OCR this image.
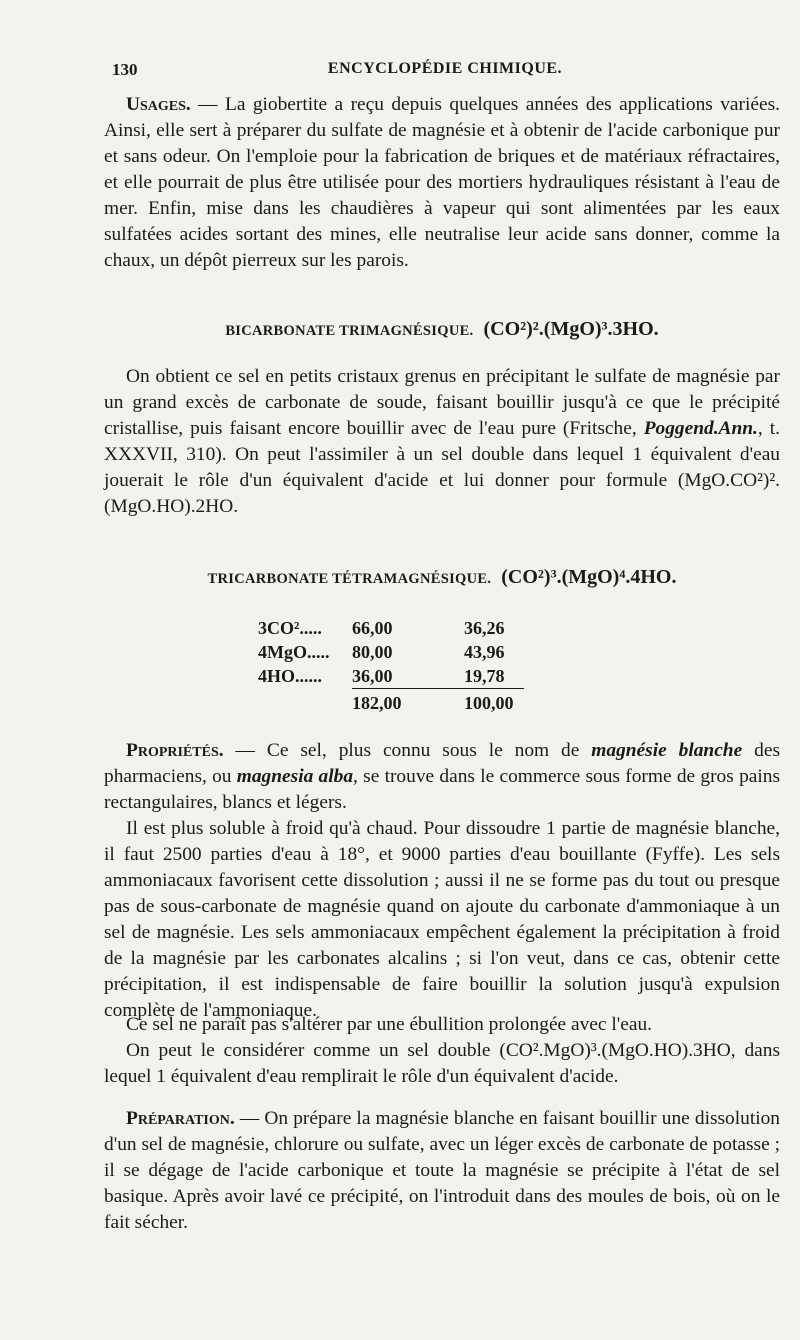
130	ENCYCLOPÉDIE CHIMIQUE.

Usages. — La giobertite a reçu depuis quelques années des applications variées. Ainsi, elle sert à préparer du sulfate de magnésie et à obtenir de l'acide carbonique pur et sans odeur. On l'emploie pour la fabrication de briques et de matériaux réfractaires, et elle pourrait de plus être utilisée pour des mortiers hydrauliques résistant à l'eau de mer. Enfin, mise dans les chaudières à vapeur qui sont alimentées par les eaux sulfatées acides sortant des mines, elle neutralise leur acide sans donner, comme la chaux, un dépôt pierreux sur les parois.

BICARBONATE TRIMAGNÉSIQUE. (CO²)².(MgO)³.3HO.

On obtient ce sel en petits cristaux grenus en précipitant le sulfate de magnésie par un grand excès de carbonate de soude, faisant bouillir jusqu'à ce que le précipité cristallise, puis faisant encore bouillir avec de l'eau pure (Fritsche, Poggend.Ann., t. XXXVII, 310). On peut l'assimiler à un sel double dans lequel 1 équivalent d'eau jouerait le rôle d'un équivalent d'acide et lui donner pour formule (MgO.CO²)².(MgO.HO).2HO.

TRICARBONATE TÉTRAMAGNÉSIQUE. (CO²)³.(MgO)⁴.4HO.
3CO².....	66,00	36,26
4MgO.....	80,00	43,96
4HO......	36,00	19,78
	182,00	100,00

Propriétés. — Ce sel, plus connu sous le nom de magnésie blanche des pharmaciens, ou magnesia alba, se trouve dans le commerce sous forme de gros pains rectangulaires, blancs et légers.

Il est plus soluble à froid qu'à chaud. Pour dissoudre 1 partie de magnésie blanche, il faut 2500 parties d'eau à 18°, et 9000 parties d'eau bouillante (Fyffe). Les sels ammoniacaux favorisent cette dissolution ; aussi il ne se forme pas du tout ou presque pas de sous-carbonate de magnésie quand on ajoute du carbonate d'ammoniaque à un sel de magnésie. Les sels ammoniacaux empêchent également la précipitation à froid de la magnésie par les carbonates alcalins ; si l'on veut, dans ce cas, obtenir cette précipitation, il est indispensable de faire bouillir la solution jusqu'à expulsion complète de l'ammoniaque.

Ce sel ne paraît pas s'altérer par une ébullition prolongée avec l'eau.

On peut le considérer comme un sel double (CO².MgO)³.(MgO.HO).3HO, dans lequel 1 équivalent d'eau remplirait le rôle d'un équivalent d'acide.

Préparation. — On prépare la magnésie blanche en faisant bouillir une dissolution d'un sel de magnésie, chlorure ou sulfate, avec un léger excès de carbonate de potasse ; il se dégage de l'acide carbonique et toute la magnésie se précipite à l'état de sel basique. Après avoir lavé ce précipité, on l'introduit dans des moules de bois, où on le fait sécher.
